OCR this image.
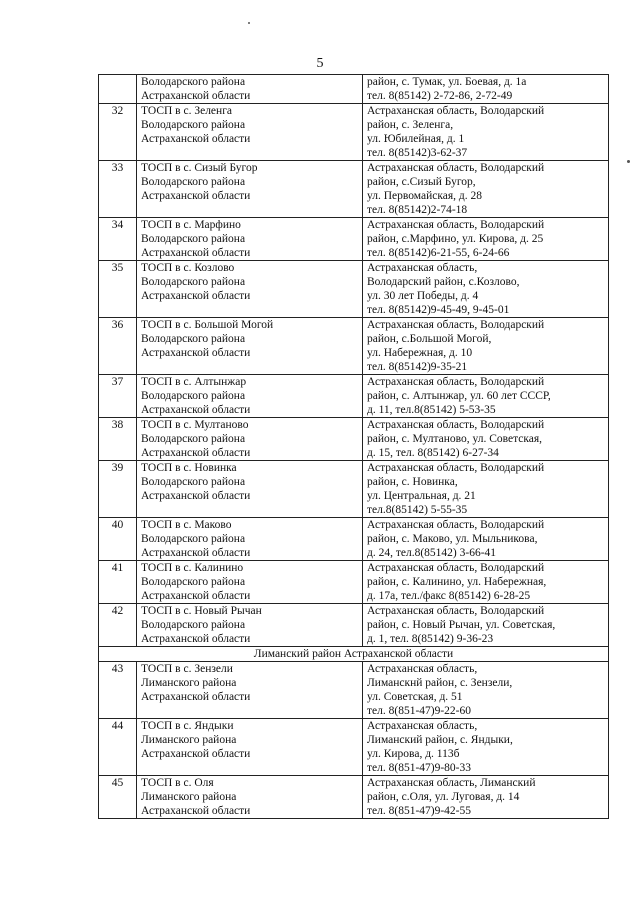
5

	Володарского района
Астраханской области	район, с. Тумак, ул. Боевая, д. 1а
тел. 8(85142) 2-72-86, 2-72-49

32	ТОСП в с. Зеленга
Володарского района
Астраханской области	Астраханская область, Володарский
район, с. Зеленга,
ул. Юбилейная, д. 1
тел. 8(85142)3-62-37

33	ТОСП в с. Сизый Бугор
Володарского района
Астраханской области	Астраханская область, Володарский
район, с.Сизый Бугор,
ул. Первомайская, д. 28
тел. 8(85142)2-74-18

34	ТОСП в с. Марфино
Володарского района
Астраханской области	Астраханская область, Володарский
район, с.Марфино, ул. Кирова, д. 25
тел. 8(85142)6-21-55, 6-24-66

35	ТОСП в с. Козлово
Володарского района
Астраханской области	Астраханская область,
Володарский район, с.Козлово,
ул. 30 лет Победы, д. 4
тел. 8(85142)9-45-49, 9-45-01

36	ТОСП в с. Большой Могой
Володарского района
Астраханской области	Астраханская область, Володарский
район, с.Большой Могой,
ул. Набережная, д. 10
тел. 8(85142)9-35-21

37	ТОСП в с. Алтынжар
Володарского района
Астраханской области	Астраханская область, Володарский
район, с. Алтынжар, ул. 60 лет СССР,
д. 11, тел.8(85142) 5-53-35

38	ТОСП в с. Мултаново
Володарского района
Астраханской области	Астраханская область, Володарский
район, с. Мултаново, ул. Советская,
д. 15, тел. 8(85142) 6-27-34

39	ТОСП в с. Новинка
Володарского района
Астраханской области	Астраханская область, Володарский
район, с. Новинка,
ул. Центральная, д. 21
тел.8(85142) 5-55-35

40	ТОСП в с. Маково
Володарского района
Астраханской области	Астраханская область, Володарский
район, с. Маково, ул. Мыльникова,
д. 24, тел.8(85142) 3-66-41

41	ТОСП в с. Калинино
Володарского района
Астраханской области	Астраханская область, Володарский
район, с. Калинино, ул. Набережная,
д. 17а, тел./факс 8(85142) 6-28-25

42	ТОСП в с. Новый Рычан
Володарского района
Астраханской области	Астраханская область, Володарский
район, с. Новый Рычан, ул. Советская,
д. 1, тел. 8(85142) 9-36-23

Лиманский район Астраханской области		
43	ТОСП в с. Зензели
Лиманского района
Астраханской области	Астраханская область,
Лиманскнй район, с. Зензели,
ул. Советская, д. 51
тел. 8(851-47)9-22-60

44	ТОСП в с. Яндыки
Лиманского района
Астраханской области	Астраханская область,
Лиманский район, с. Яндыки,
ул. Кирова, д. 113б
тел. 8(851-47)9-80-33

45	ТОСП в с. Оля
Лиманского района
Астраханской области	Астраханская область, Лиманский
район, с.Оля, ул. Луговая, д. 14
тел. 8(851-47)9-42-55
